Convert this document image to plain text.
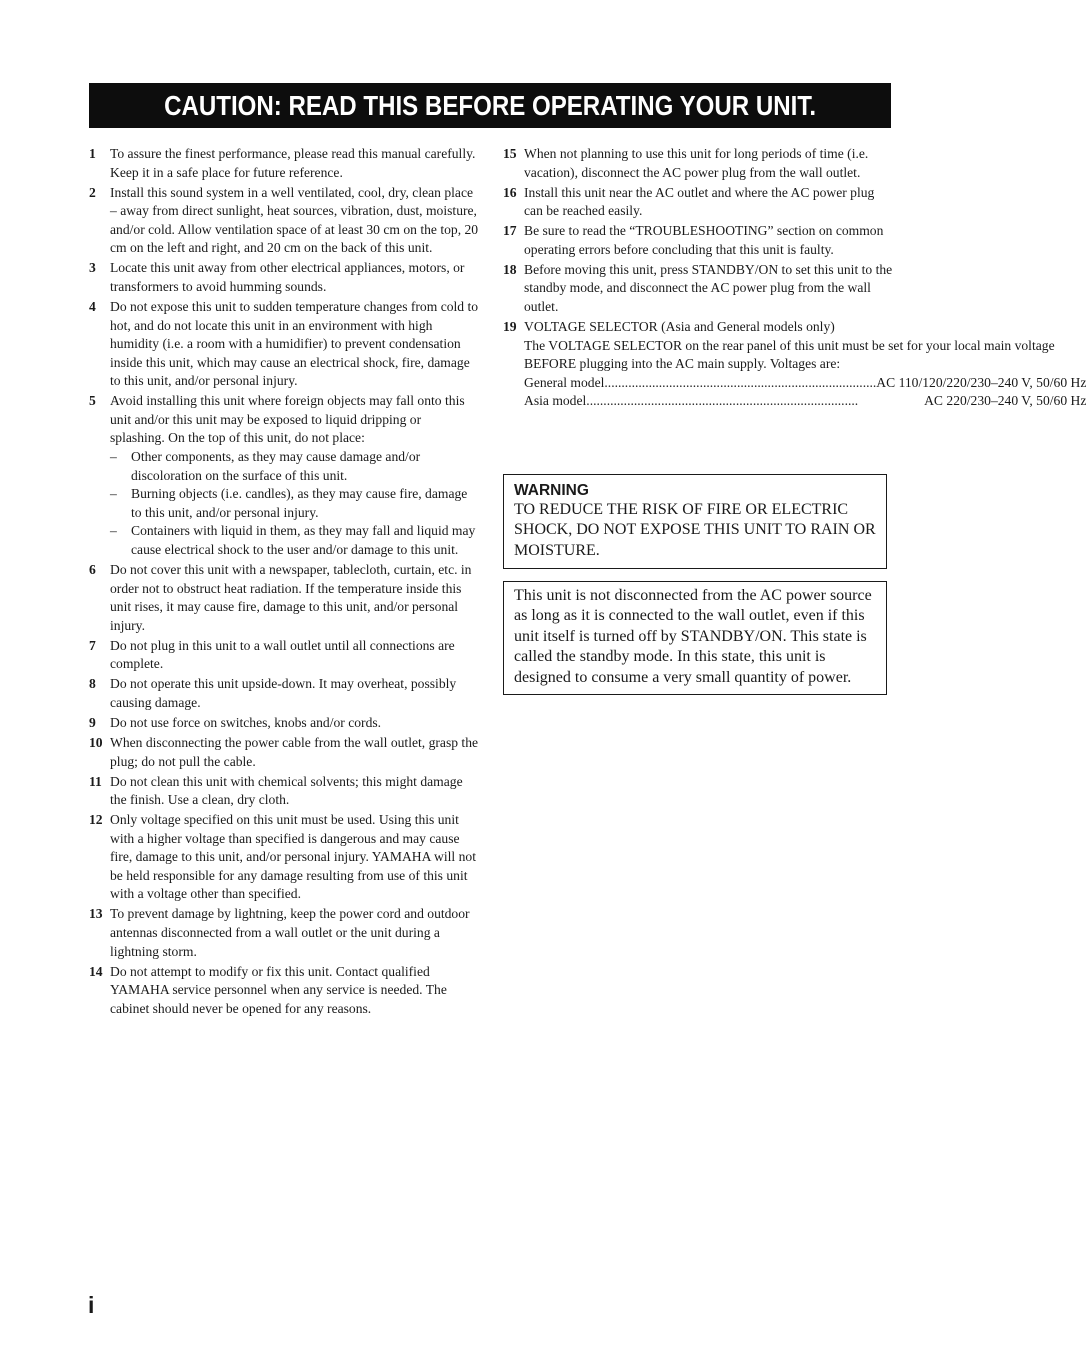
CAUTION: READ THIS BEFORE OPERATING YOUR UNIT.
1	To assure the finest performance, please read this manual carefully. Keep it in a safe place for future reference.
2	Install this sound system in a well ventilated, cool, dry, clean place – away from direct sunlight, heat sources, vibration, dust, moisture, and/or cold. Allow ventilation space of at least 30 cm on the top, 20 cm on the left and right, and 20 cm on the back of this unit.
3	Locate this unit away from other electrical appliances, motors, or transformers to avoid humming sounds.
4	Do not expose this unit to sudden temperature changes from cold to hot, and do not locate this unit in an environment with high humidity (i.e. a room with a humidifier) to prevent condensation inside this unit, which may cause an electrical shock, fire, damage to this unit, and/or personal injury.
5	Avoid installing this unit where foreign objects may fall onto this unit and/or this unit may be exposed to liquid dripping or splashing. On the top of this unit, do not place:
–	Other components, as they may cause damage and/or discoloration on the surface of this unit.
–	Burning objects (i.e. candles), as they may cause fire, damage to this unit, and/or personal injury.
–	Containers with liquid in them, as they may fall and liquid may cause electrical shock to the user and/or damage to this unit.
6	Do not cover this unit with a newspaper, tablecloth, curtain, etc. in order not to obstruct heat radiation. If the temperature inside this unit rises, it may cause fire, damage to this unit, and/or personal injury.
7	Do not plug in this unit to a wall outlet until all connections are complete.
8	Do not operate this unit upside-down. It may overheat, possibly causing damage.
9	Do not use force on switches, knobs and/or cords.
10 When disconnecting the power cable from the wall outlet, grasp the plug; do not pull the cable.
11 Do not clean this unit with chemical solvents; this might damage the finish. Use a clean, dry cloth.
12 Only voltage specified on this unit must be used. Using this unit with a higher voltage than specified is dangerous and may cause fire, damage to this unit, and/or personal injury. YAMAHA will not be held responsible for any damage resulting from use of this unit with a voltage other than specified.
13 To prevent damage by lightning, keep the power cord and outdoor antennas disconnected from a wall outlet or the unit during a lightning storm.
14 Do not attempt to modify or fix this unit. Contact qualified YAMAHA service personnel when any service is needed. The cabinet should never be opened for any reasons.
15 When not planning to use this unit for long periods of time (i.e. vacation), disconnect the AC power plug from the wall outlet.
16 Install this unit near the AC outlet and where the AC power plug can be reached easily.
17 Be sure to read the “TROUBLESHOOTING” section on common operating errors before concluding that this unit is faulty.
18 Before moving this unit, press STANDBY/ON to set this unit to the standby mode, and disconnect the AC power plug from the wall outlet.
19 VOLTAGE SELECTOR (Asia and General models only)
The VOLTAGE SELECTOR on the rear panel of this unit must be set for your local main voltage BEFORE plugging into the AC main supply. Voltages are:
General model .....	AC 110/120/220/230–240 V, 50/60 Hz
Asia model .....	AC 220/230–240 V, 50/60 Hz
WARNING
TO REDUCE THE RISK OF FIRE OR ELECTRIC SHOCK, DO NOT EXPOSE THIS UNIT TO RAIN OR MOISTURE.
This unit is not disconnected from the AC power source as long as it is connected to the wall outlet, even if this unit itself is turned off by STANDBY/ON. This state is called the standby mode. In this state, this unit is designed to consume a very small quantity of power.
i
